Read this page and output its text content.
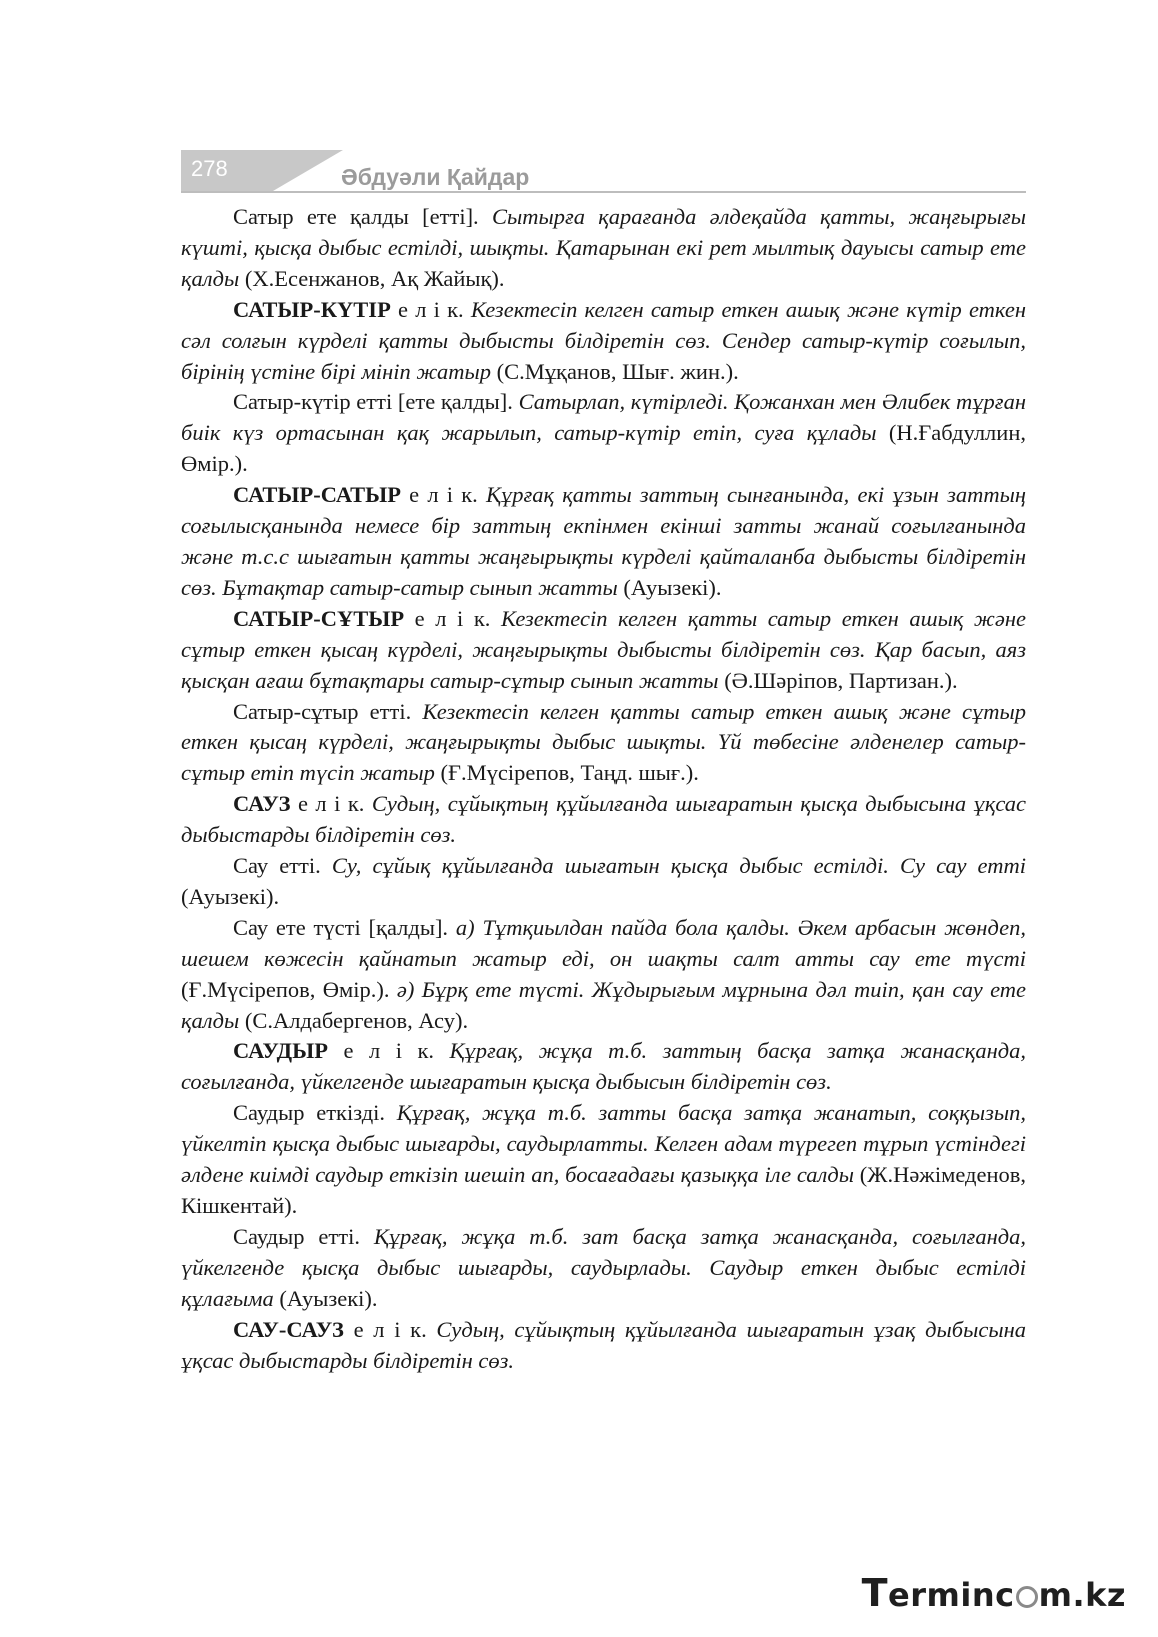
278	Әбдуәли Қайдар

Сатыр ете қалды [етті]. Сытырға қарағанда әлдеқайда қатты, жаңғырығы күшті, қысқа дыбыс естілді, шықты. Қатарынан екі рет мылтық дауысы сатыр ете қалды (Х.Есенжанов, Ақ Жайық).

САТЫР-КҮТІР е л і к. Кезектесіп келген сатыр еткен ашық және күтір еткен сәл солғын күрделі қатты дыбысты білдіретін сөз. Сендер сатыр-күтір соғылып, бірінің үстіне бірі мініп жатыр (С.Мұқанов, Шығ. жин.).

Сатыр-күтір етті [ете қалды]. Сатырлап, күтірледі. Қожанхан мен Әлибек тұрған биік күз ортасынан қақ жарылып, сатыр-күтір етіп, суға құлады (Н.Ғабдуллин, Өмір.).

САТЫР-САТЫР е л і к. Құрғақ қатты заттың сынғанында, екі ұзын заттың соғылысқанында немесе бір заттың екпінмен екінші затты жанай соғылғанында және т.с.с шығатын қатты жаңғырықты күрделі қайталанба дыбысты білдіретін сөз. Бұтақтар сатыр-сатыр сынып жатты (Ауызекі).

САТЫР-СҰТЫР е л і к. Кезектесіп келген қатты сатыр еткен ашық және сұтыр еткен қысаң күрделі, жаңғырықты дыбысты білдіретін сөз. Қар басып, аяз қысқан ағаш бұтақтары сатыр-сұтыр сынып жатты (Ә.Шәріпов, Партизан.).

Сатыр-сұтыр етті. Кезектесіп келген қатты сатыр еткен ашық және сұтыр еткен қысаң күрделі, жаңғырықты дыбыс шықты. Үй төбесіне әлденелер сатыр-сұтыр етіп түсіп жатыр (Ғ.Мүсірепов, Таңд. шығ.).

САУЗ е л і к. Судың, сұйықтың құйылғанда шығаратын қысқа дыбысына ұқсас дыбыстарды білдіретін сөз.

Сау етті. Су, сұйық құйылғанда шығатын қысқа дыбыс естілді. Су сау етті (Ауызекі).

Сау ете түсті [қалды]. а) Тұтқиылдан пайда бола қалды. Әкем арбасын жөндеп, шешем көжесін қайнатып жатыр еді, он шақты салт атты сау ете түсті (Ғ.Мүсірепов, Өмір.). ә) Бұрқ ете түсті. Жұдырығым мұрнына дәл тиіп, қан сау ете қалды (С.Алдабергенов, Асу).

САУДЫР е л і к. Құрғақ, жұқа т.б. заттың басқа затқа жанасқанда, соғылғанда, үйкелгенде шығаратын қысқа дыбысын білдіретін сөз.

Саудыр еткізді. Құрғақ, жұқа т.б. затты басқа затқа жанатып, соққызып, үйкелтіп қысқа дыбыс шығарды, саудырлатты. Келген адам түрегеп тұрып үстіндегі әлдене киімді саудыр еткізіп шешіп ап, босағадағы қазыққа іле салды (Ж.Нәжімеденов, Кішкентай).

Саудыр етті. Құрғақ, жұқа т.б. зат басқа затқа жанасқанда, соғылғанда, үйкелгенде қысқа дыбыс шығарды, саудырлады. Саудыр еткен дыбыс естілді құлағыма (Ауызекі).

САУ-САУЗ е л і к. Судың, сұйықтың құйылғанда шығаратын ұзақ дыбысына ұқсас дыбыстарды білдіретін сөз.

Terminc m.kz
